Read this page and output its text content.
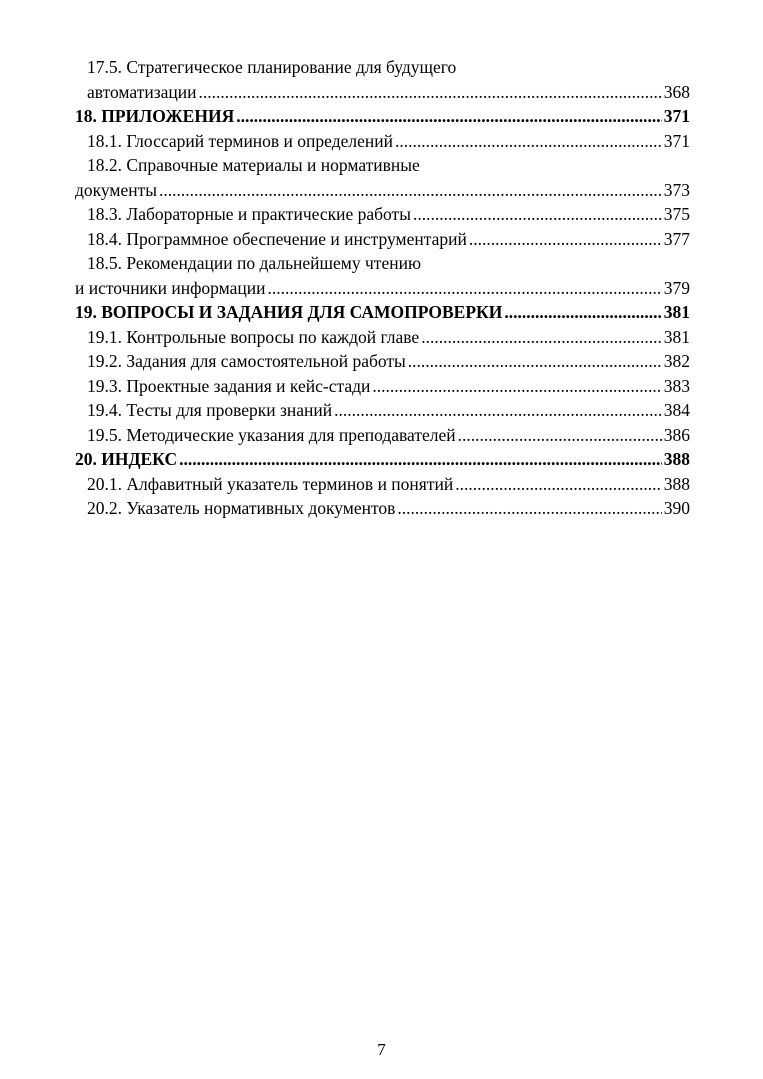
17.5. Стратегическое планирование для будущего
автоматизации .....	368
18. ПРИЛОЖЕНИЯ .....	371
18.1. Глоссарий терминов и определений .....	371
18.2. Справочные материалы и нормативные
документы .....	373
18.3. Лабораторные и практические работы .....	375
18.4. Программное обеспечение и инструментарий .....	377
18.5. Рекомендации по дальнейшему чтению
и источники информации .....	379
19. ВОПРОСЫ И ЗАДАНИЯ ДЛЯ САМОПРОВЕРКИ .....	381
19.1. Контрольные вопросы по каждой главе .....	381
19.2. Задания для самостоятельной работы .....	382
19.3. Проектные задания и кейс-стади .....	383
19.4. Тесты для проверки знаний .....	384
19.5. Методические указания для преподавателей .....	386
20. ИНДЕКС .....	388
20.1. Алфавитный указатель терминов и понятий .....	388
20.2. Указатель нормативных документов .....	390
7
